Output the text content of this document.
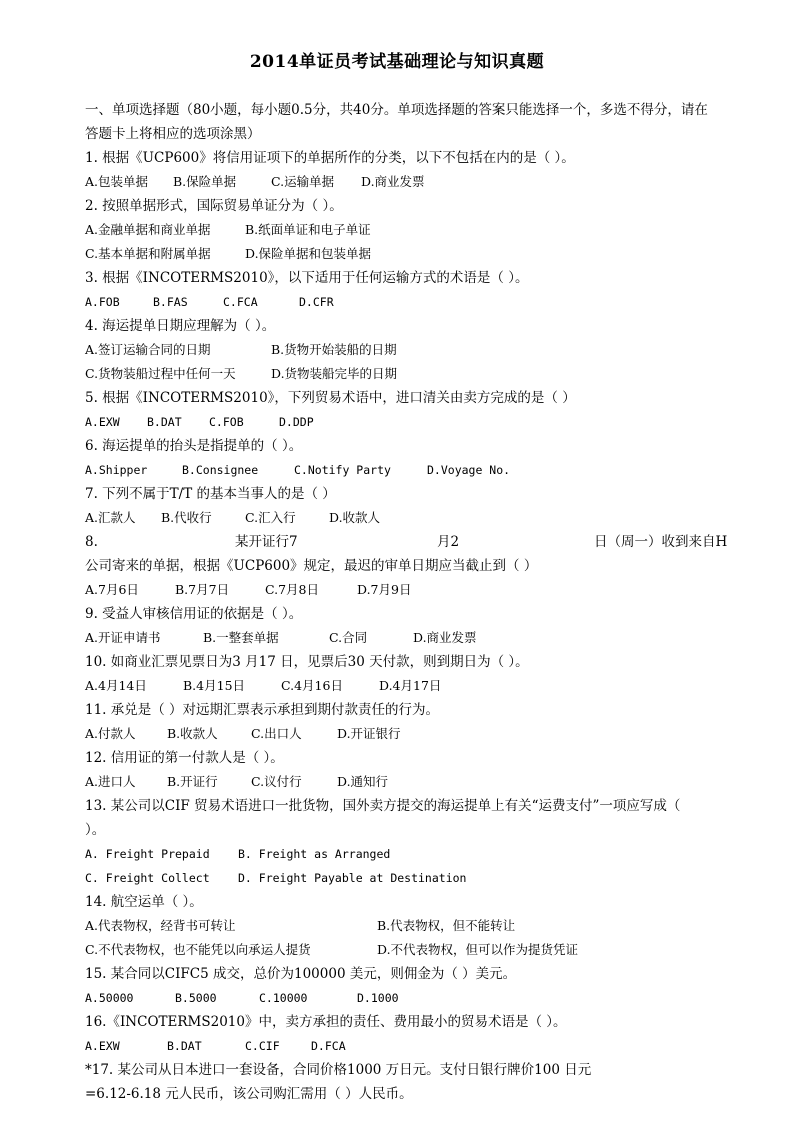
2014单证员考试基础理论与知识真题
一、单项选择题（80小题，每小题0.5分，共40分。单项选择题的答案只能选择一个，多选不得分，请在
答题卡上将相应的选项涂黑）
1. 根据《UCP600》将信用证项下的单据所作的分类，以下不包括在内的是（ ）。
A.包装单据 B.保险单据	C.运输单据 D.商业发票
2. 按照单据形式，国际贸易单证分为（ ）。
A.金融单据和商业单据	B.纸面单证和电子单证
C.基本单据和附属单据	D.保险单据和包装单据
3. 根据《INCOTERMS2010》，以下适用于任何运输方式的术语是（ ）。
A.FOB	B.FAS	C.FCA	D.CFR
4. 海运提单日期应理解为（ ）。
A.签订运输合同的日期	B.货物开始装船的日期
C.货物装船过程中任何一天	D.货物装船完毕的日期
5. 根据《INCOTERMS2010》，下列贸易术语中，进口清关由卖方完成的是（ ）
A.EXW B.DAT C.FOB	D.DDP
6. 海运提单的抬头是指提单的（ ）。
A.Shipper	B.Consignee	C.Notify Party	D.Voyage No.
7. 下列不属于T/T 的基本当事人的是（ ）
A.汇款人 B.代收行	C.汇入行	D.收款人
8.	某开证行7	月2	日（周一）收到来自H
公司寄来的单据，根据《UCP600》规定，最迟的审单日期应当截止到（ ）
A.7月6日	B.7月7日	C.7月8日	D.7月9日
9. 受益人审核信用证的依据是（ ）。
A.开证申请书	B.一整套单据	C.合同	D.商业发票
10. 如商业汇票见票日为3 月17 日，见票后30 天付款，则到期日为（ ）。
A.4月14日	B.4月15日	C.4月16日	D.4月17日
11. 承兑是（ ）对远期汇票表示承担到期付款责任的行为。
A.付款人	B.收款人	C.出口人	D.开证银行
12. 信用证的第一付款人是（ ）。
A.进口人	B.开证行	C.议付行	D.通知行
13. 某公司以CIF 贸易术语进口一批货物，国外卖方提交的海运提单上有关“运费支付”一项应写成（
）。
A. Freight Prepaid B. Freight as Arranged
C. Freight Collect D. Freight Payable at Destination
14. 航空运单（ ）。
A.代表物权，经背书可转让	B.代表物权，但不能转让
C.不代表物权，也不能凭以向承运人提货	D.不代表物权，但可以作为提货凭证
15. 某合同以CIFC5 成交，总价为100000 美元，则佣金为（ ）美元。
A.50000	B.5000	C.10000	D.1000
16.《INCOTERMS2010》中，卖方承担的责任、费用最小的贸易术语是（ ）。
A.EXW	B.DAT	C.CIF	D.FCA
*17. 某公司从日本进口一套设备，合同价格1000 万日元。支付日银行牌价100 日元
=6.12-6.18 元人民币，该公司购汇需用（ ）人民币。
